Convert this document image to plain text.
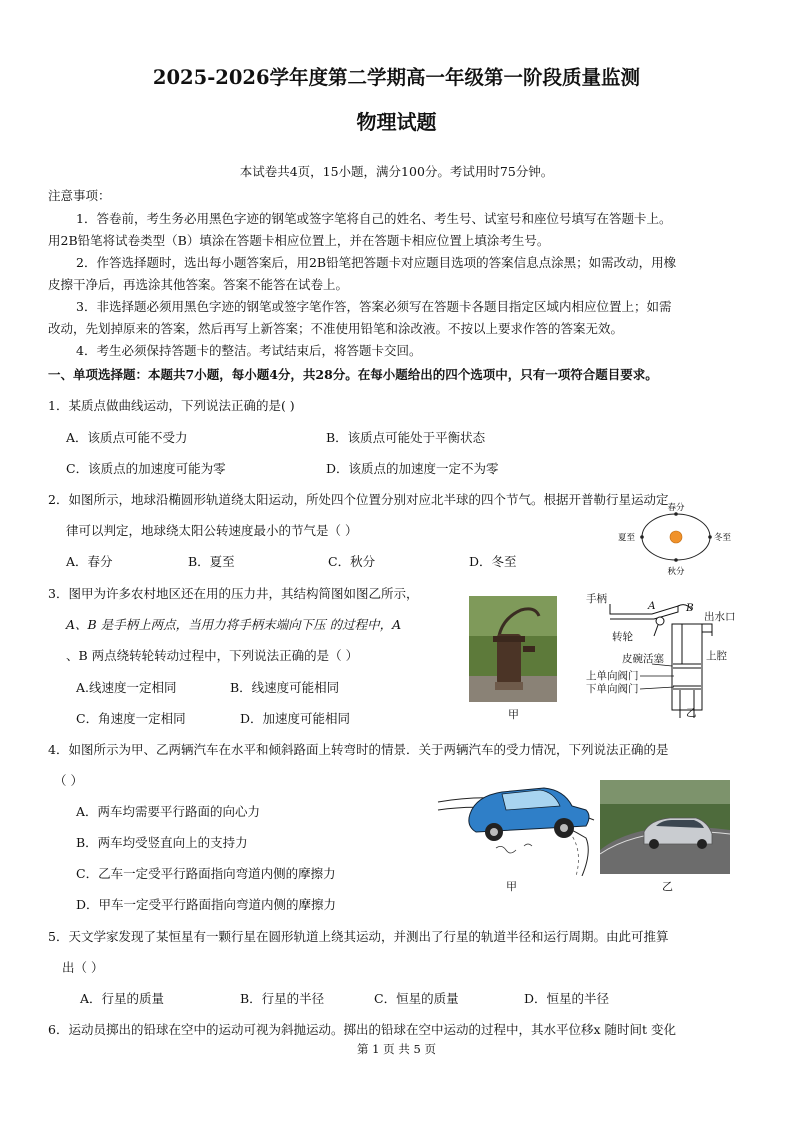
2025-2026学年度第二学期高一年级第一阶段质量监测
物理试题
本试卷共4页，15小题，满分100分。考试用时75分钟。
注意事项：
1．答卷前，考生务必用黑色字迹的钢笔或签字笔将自己的姓名、考生号、试室号和座位号填写在答题卡上。
用2B铅笔将试卷类型（B）填涂在答题卡相应位置上，并在答题卡相应位置上填涂考生号。
2．作答选择题时，选出每小题答案后，用2B铅笔把答题卡对应题目选项的答案信息点涂黑；如需改动，用橡
皮擦干净后，再选涂其他答案。答案不能答在试卷上。
3．非选择题必须用黑色字迹的钢笔或签字笔作答，答案必须写在答题卡各题目指定区域内相应位置上；如需
改动，先划掉原来的答案，然后再写上新答案；不准使用铅笔和涂改液。不按以上要求作答的答案无效。
4．考生必须保持答题卡的整洁。考试结束后，将答题卡交回。
一、单项选择题：本题共7小题，每小题4分，共28分。在每小题给出的四个选项中，只有一项符合题目要求。
1．某质点做曲线运动，下列说法正确的是( )
A．该质点可能不受力	B．该质点可能处于平衡状态
C．该质点的加速度可能为零	D．该质点的加速度一定不为零
2．如图所示，地球沿椭圆形轨道绕太阳运动，所处四个位置分别对应北半球的四个节气。根据开普勒行星运动定
律可以判定，地球绕太阳公转速度最小的节气是（ ）
A．春分	B．夏至	C．秋分	D．冬至
春分
夏至	冬至
秋分
3．图甲为许多农村地区还在用的压力井，其结构简图如图乙所示，
A、B 是手柄上两点，当用力将手柄末端向下压 的过程中，A
、B 两点绕转轮转动过程中，下列说法正确的是（ ）
A.线速度一定相同	B．线速度可能相同
C．角速度一定相同	D．加速度可能相同	甲
手柄
A	B
出水口
转轮
上腔
皮碗活塞
上单向阀门
下单向阀门
乙
4．如图所示为甲、乙两辆汽车在水平和倾斜路面上转弯时的情景．关于两辆汽车的受力情况，下列说法正确的是
（ ）
A．两车均需要平行路面的向心力
B．两车均受竖直向上的支持力
C．乙车一定受平行路面指向弯道内侧的摩擦力
D．甲车一定受平行路面指向弯道内侧的摩擦力
甲	乙
5．天文学家发现了某恒星有一颗行星在圆形轨道上绕其运动，并测出了行星的轨道半径和运行周期。由此可推算
出（ ）
A．行星的质量	B．行星的半径	C．恒星的质量	D．恒星的半径
6．运动员掷出的铅球在空中的运动可视为斜抛运动。掷出的铅球在空中运动的过程中，其水平位移x 随时间t 变化
第 1 页 共 5 页
